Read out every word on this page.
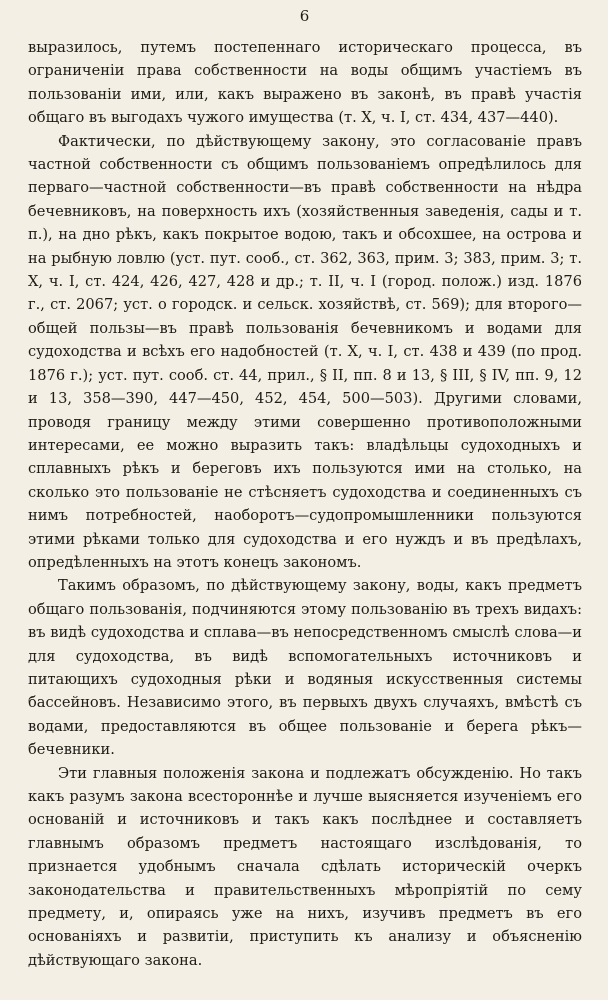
6

выразилось, путемъ постепеннаго историческаго процесса, въ ограниченіи права собственности на воды общимъ участіемъ въ пользованіи ими, или, какъ выражено въ законѣ, въ правѣ участія общаго въ выгодахъ чужого имущества (т. X, ч. I, ст. 434, 437—440).

Фактически, по дѣйствующему закону, это согласованіе правъ частной собственности съ общимъ пользованіемъ опредѣлилось для перваго—частной собственности—въ правѣ собственности на нѣдра бечевниковъ, на поверхность ихъ (хозяйственныя заведенія, сады и т. п.), на дно рѣкъ, какъ покрытое водою, такъ и обсохшее, на острова и на рыбную ловлю (уст. пут. сооб., ст. 362, 363, прим. 3; 383, прим. 3; т. X, ч. I, ст. 424, 426, 427, 428 и др.; т. II, ч. I (город. полож.) изд. 1876 г., ст. 2067; уст. о городск. и сельск. хозяйствѣ, ст. 569); для второго—общей пользы—въ правѣ пользованія бечевникомъ и водами для судоходства и всѣхъ его надобностей (т. X, ч. I, ст. 438 и 439 (по прод. 1876 г.); уст. пут. сооб. ст. 44, прил., § II, пп. 8 и 13, § III, § IV, пп. 9, 12 и 13, 358—390, 447—450, 452, 454, 500—503). Другими словами, проводя границу между этими совершенно противоположными интересами, ее можно выразить такъ: владѣльцы судоходныхъ и сплавныхъ рѣкъ и береговъ ихъ пользуются ими на столько, на сколько это пользованіе не стѣсняетъ судоходства и соединенныхъ съ нимъ потребностей, наоборотъ—судопромышленники пользуются этими рѣками только для судоходства и его нуждъ и въ предѣлахъ, опредѣленныхъ на этотъ конецъ закономъ.

Такимъ образомъ, по дѣйствующему закону, воды, какъ предметъ общаго пользованія, подчиняются этому пользованію въ трехъ видахъ: въ видѣ судоходства и сплава—въ непосредственномъ смыслѣ слова—и для судоходства, въ видѣ вспомогательныхъ источниковъ и питающихъ судоходныя рѣки и водяныя искусственныя системы бассейновъ. Независимо этого, въ первыхъ двухъ случаяхъ, вмѣстѣ съ водами, предоставляются въ общее пользованіе и берега рѣкъ—бечевники.

Эти главныя положенія закона и подлежатъ обсужденію. Но такъ какъ разумъ закона всестороннѣе и лучше выясняется изученіемъ его основаній и источниковъ и такъ какъ послѣднее и составляетъ главнымъ образомъ предметъ настоящаго изслѣдованія, то признается удобнымъ сначала сдѣлать историческій очеркъ законодательства и правительственныхъ мѣропріятій по сему предмету, и, опираясь уже на нихъ, изучивъ предметъ въ его основаніяхъ и развитіи, приступить къ анализу и объясненію дѣйствующаго закона.
